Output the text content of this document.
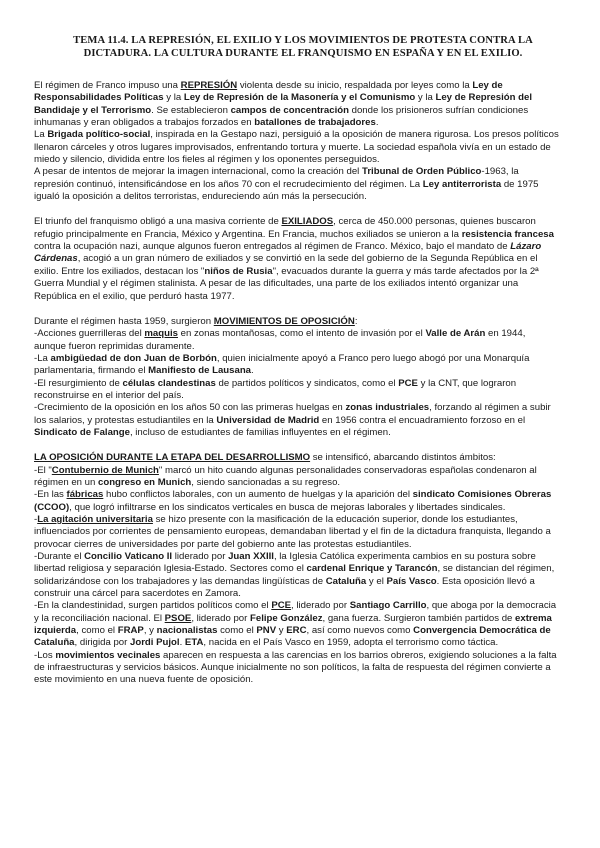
TEMA 11.4. LA REPRESIÓN, EL EXILIO Y LOS MOVIMIENTOS DE PROTESTA CONTRA LA DICTADURA. LA CULTURA DURANTE EL FRANQUISMO EN ESPAÑA Y EN EL EXILIO.

El régimen de Franco impuso una REPRESIÓN violenta desde su inicio, respaldada por leyes como la Ley de Responsabilidades Políticas y la Ley de Represión de la Masonería y el Comunismo y la Ley de Represión del Bandidaje y el Terrorismo. Se establecieron campos de concentración donde los prisioneros sufrían condiciones inhumanas y eran obligados a trabajos forzados en batallones de trabajadores.

La Brigada político-social, inspirada en la Gestapo nazi, persiguió a la oposición de manera rigurosa. Los presos políticos llenaron cárceles y otros lugares improvisados, enfrentando tortura y muerte. La sociedad española vivía en un estado de miedo y silencio, dividida entre los fieles al régimen y los oponentes perseguidos.

A pesar de intentos de mejorar la imagen internacional, como la creación del Tribunal de Orden Público-1963, la represión continuó, intensificándose en los años 70 con el recrudecimiento del régimen. La Ley antiterrorista de 1975 igualó la oposición a delitos terroristas, endureciendo aún más la persecución.

El triunfo del franquismo obligó a una masiva corriente de EXILIADOS, cerca de 450.000 personas, quienes buscaron refugio principalmente en Francia, México y Argentina. En Francia, muchos exiliados se unieron a la resistencia francesa contra la ocupación nazi, aunque algunos fueron entregados al régimen de Franco. México, bajo el mandato de Lázaro Cárdenas, acogió a un gran número de exiliados y se convirtió en la sede del gobierno de la Segunda República en el exilio. Entre los exiliados, destacan los "niños de Rusia", evacuados durante la guerra y más tarde afectados por la 2ª Guerra Mundial y el régimen stalinista. A pesar de las dificultades, una parte de los exiliados intentó organizar una República en el exilio, que perduró hasta 1977.

Durante el régimen hasta 1959, surgieron MOVIMIENTOS DE OPOSICIÓN:

-Acciones guerrilleras del maquis en zonas montañosas, como el intento de invasión por el Valle de Arán en 1944, aunque fueron reprimidas duramente.

-La ambigüedad de don Juan de Borbón, quien inicialmente apoyó a Franco pero luego abogó por una Monarquía parlamentaria, firmando el Manifiesto de Lausana.

-El resurgimiento de células clandestinas de partidos políticos y sindicatos, como el PCE y la CNT, que lograron reconstruirse en el interior del país.

-Crecimiento de la oposición en los años 50 con las primeras huelgas en zonas industriales, forzando al régimen a subir los salarios, y protestas estudiantiles en la Universidad de Madrid en 1956 contra el encuadramiento forzoso en el Sindicato de Falange, incluso de estudiantes de familias influyentes en el régimen.

LA OPOSICIÓN DURANTE LA ETAPA DEL DESARROLLISMO se intensificó, abarcando distintos ámbitos:

-El "Contubernio de Munich" marcó un hito cuando algunas personalidades conservadoras españolas condenaron al régimen en un congreso en Munich, siendo sancionadas a su regreso.

-En las fábricas hubo conflictos laborales, con un aumento de huelgas y la aparición del sindicato Comisiones Obreras (CCOO), que logró infiltrarse en los sindicatos verticales en busca de mejoras laborales y libertades sindicales.

-La agitación universitaria se hizo presente con la masificación de la educación superior, donde los estudiantes, influenciados por corrientes de pensamiento europeas, demandaban libertad y el fin de la dictadura franquista, llegando a provocar cierres de universidades por parte del gobierno ante las protestas estudiantiles.

-Durante el Concilio Vaticano II liderado por Juan XXIII, la Iglesia Católica experimenta cambios en su postura sobre libertad religiosa y separación Iglesia-Estado. Sectores como el cardenal Enrique y Tarancón, se distancian del régimen, solidarizándose con los trabajadores y las demandas lingüísticas de Cataluña y el País Vasco. Esta oposición llevó a construir una cárcel para sacerdotes en Zamora.

-En la clandestinidad, surgen partidos políticos como el PCE, liderado por Santiago Carrillo, que aboga por la democracia y la reconciliación nacional. El PSOE, liderado por Felipe González, gana fuerza. Surgieron también partidos de extrema izquierda, como el FRAP, y nacionalistas como el PNV y ERC, así como nuevos como Convergencia Democrática de Cataluña, dirigida por Jordi Pujol. ETA, nacida en el País Vasco en 1959, adopta el terrorismo como táctica.

-Los movimientos vecinales aparecen en respuesta a las carencias en los barrios obreros, exigiendo soluciones a la falta de infraestructuras y servicios básicos. Aunque inicialmente no son políticos, la falta de respuesta del régimen convierte a este movimiento en una nueva fuente de oposición.
